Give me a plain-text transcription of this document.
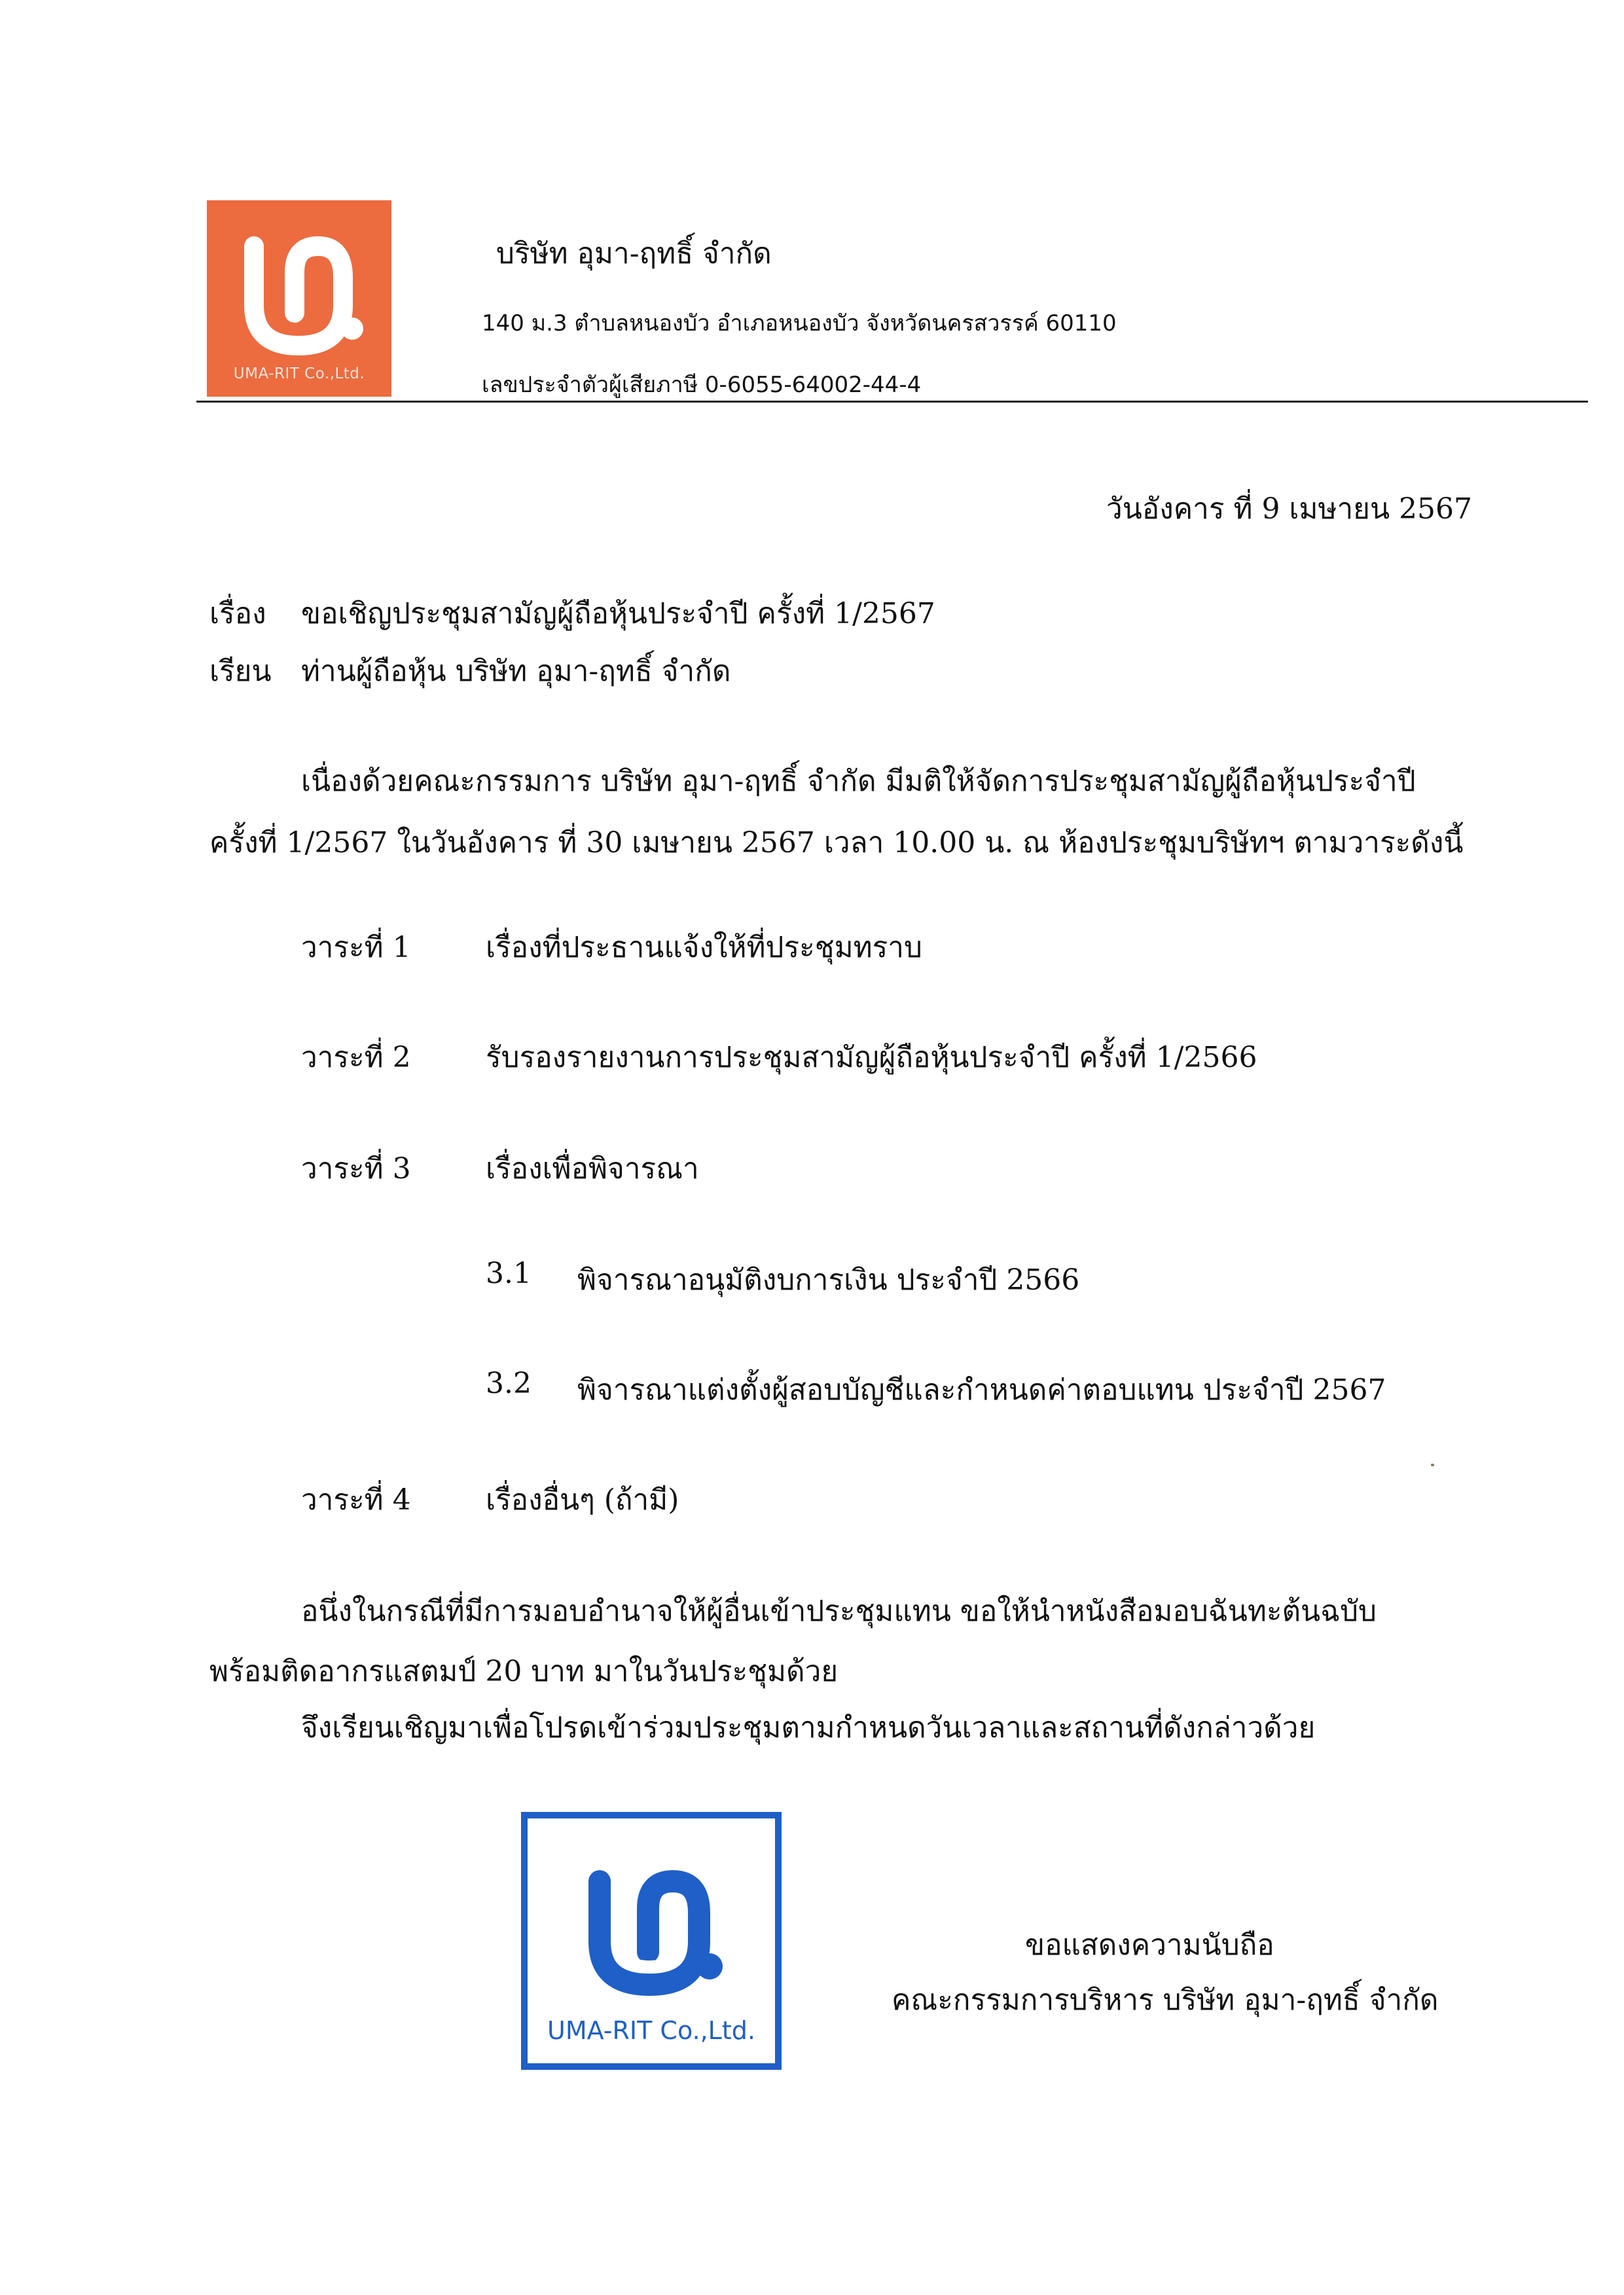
UMA-RIT Co.,Ltd.
บริษัท อุมา-ฤทธิ์ จำกัด
140 ม.3 ตำบลหนองบัว อำเภอหนองบัว จังหวัดนครสวรรค์ 60110
เลขประจำตัวผู้เสียภาษี 0-6055-64002-44-4
วันอังคาร ที่ 9 เมษายน 2567
เรื่อง ขอเชิญประชุมสามัญผู้ถือหุ้นประจำปี ครั้งที่ 1/2567
เรียน ท่านผู้ถือหุ้น บริษัท อุมา-ฤทธิ์ จำกัด
เนื่องด้วยคณะกรรมการ บริษัท อุมา-ฤทธิ์ จำกัด มีมติให้จัดการประชุมสามัญผู้ถือหุ้นประจำปี
ครั้งที่ 1/2567 ในวันอังคาร ที่ 30 เมษายน 2567 เวลา 10.00 น. ณ ห้องประชุมบริษัทฯ ตามวาระดังนี้
วาระที่ 1	เรื่องที่ประธานแจ้งให้ที่ประชุมทราบ
วาระที่ 2	รับรองรายงานการประชุมสามัญผู้ถือหุ้นประจำปี ครั้งที่ 1/2566
วาระที่ 3	เรื่องเพื่อพิจารณา
3.1 พิจารณาอนุมัติงบการเงิน ประจำปี 2566
3.2 พิจารณาแต่งตั้งผู้สอบบัญชีและกำหนดค่าตอบแทน ประจำปี 2567
วาระที่ 4	เรื่องอื่นๆ (ถ้ามี)
อนึ่งในกรณีที่มีการมอบอำนาจให้ผู้อื่นเข้าประชุมแทน ขอให้นำหนังสือมอบฉันทะต้นฉบับ
พร้อมติดอากรแสตมป์ 20 บาท มาในวันประชุมด้วย
จึงเรียนเชิญมาเพื่อโปรดเข้าร่วมประชุมตามกำหนดวันเวลาและสถานที่ดังกล่าวด้วย
UMA-RIT Co.,Ltd.
ขอแสดงความนับถือ
คณะกรรมการบริหาร บริษัท อุมา-ฤทธิ์ จำกัด
